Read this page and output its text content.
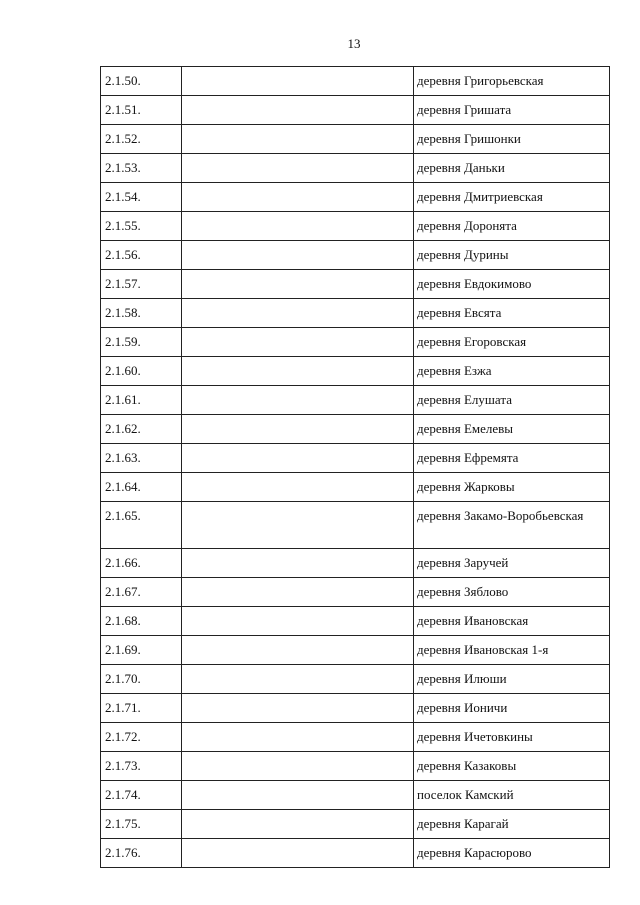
13
2.1.50.		деревня Григорьевская
2.1.51.		деревня Гришата
2.1.52.		деревня Гришонки
2.1.53.		деревня Даньки
2.1.54.		деревня Дмитриевская
2.1.55.		деревня Доронята
2.1.56.		деревня Дурины
2.1.57.		деревня Евдокимово
2.1.58.		деревня Евсята
2.1.59.		деревня Егоровская
2.1.60.		деревня Езжа
2.1.61.		деревня Елушата
2.1.62.		деревня Емелевы
2.1.63.		деревня Ефремята
2.1.64.		деревня Жарковы
2.1.65.		деревня Закамо-Воробьевская
2.1.66.		деревня Заручей
2.1.67.		деревня Зяблово
2.1.68.		деревня Ивановская
2.1.69.		деревня Ивановская 1-я
2.1.70.		деревня Илюши
2.1.71.		деревня Ионичи
2.1.72.		деревня Ичетовкины
2.1.73.		деревня Казаковы
2.1.74.		поселок Камский
2.1.75.		деревня Карагай
2.1.76.		деревня Карасюрово
